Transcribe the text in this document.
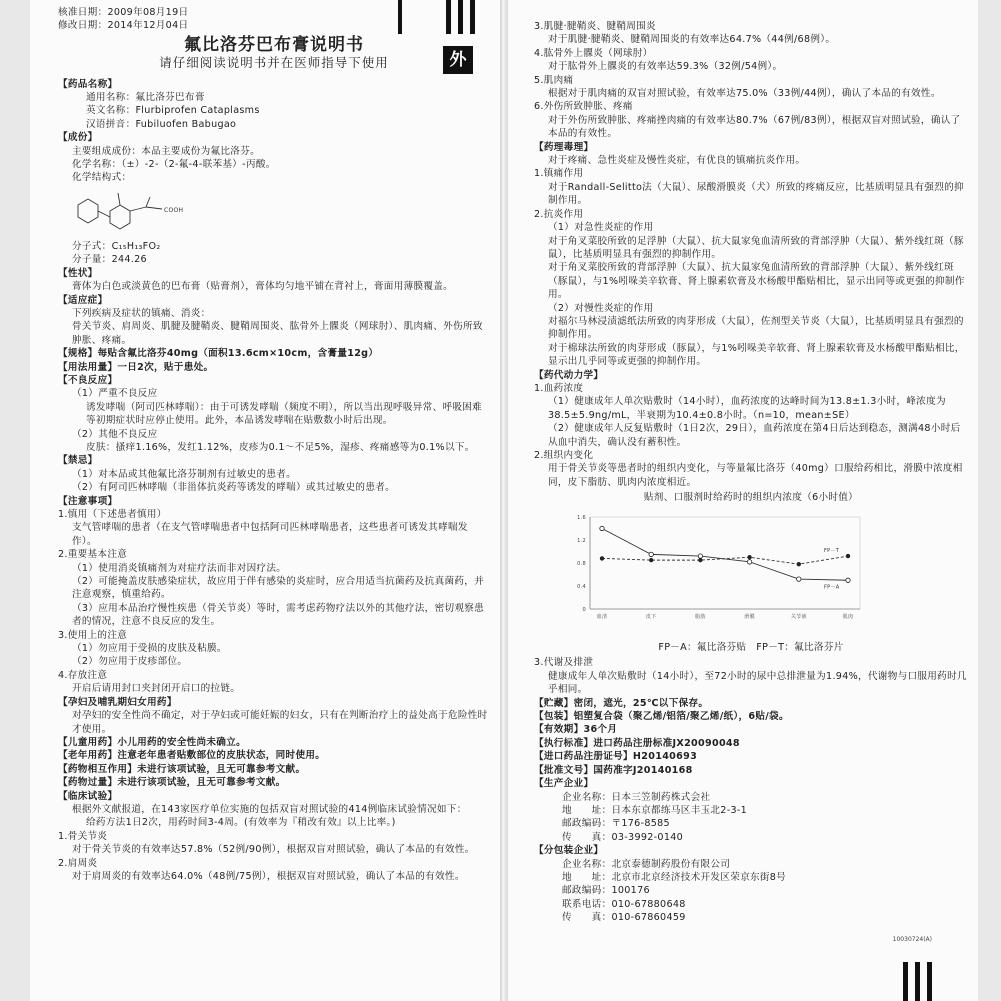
外
核准日期：2009年08月19日
修改日期：2014年12月04日
氟比洛芬巴布膏说明书
请仔细阅读说明书并在医师指导下使用
【药品名称】
通用名称：氟比洛芬巴布膏
英文名称：Flurbiprofen Cataplasms
汉语拼音：Fubiluofen Babugao
【成份】
主要组成成份：本品主要成份为氟比洛芬。
化学名称：（±）-2-（2-氟-4-联苯基）-丙酸。
化学结构式：
COOH
分子式：C₁₅H₁₃FO₂
分子量：244.26
【性状】
膏体为白色或淡黄色的巴布膏（贴膏剂），膏体均匀地平铺在背衬上，膏面用薄膜覆盖。
【适应症】
下列疾病及症状的镇痛、消炎：
骨关节炎、肩周炎、肌腱及腱鞘炎、腱鞘周围炎、肱骨外上髁炎（网球肘）、肌肉痛、外伤所致肿胀、疼痛。
【规格】每贴含氟比洛芬40mg（面积13.6cm×10cm，含膏量12g）
【用法用量】一日2次，贴于患处。
【不良反应】
（1）严重不良反应
诱发哮喘（阿司匹林哮喘）：由于可诱发哮喘（频度不明），所以当出现呼吸异常、呼吸困难等初期症状时应停止使用。此外，本品诱发哮喘在贴敷数小时后出现。
（2）其他不良反应
皮肤：搔痒1.16%，发红1.12%，皮疹为0.1～不足5%，湿疹、疼痛感等为0.1%以下。
【禁忌】
（1）对本品或其他氟比洛芬制剂有过敏史的患者。
（2）有阿司匹林哮喘（非甾体抗炎药等诱发的哮喘）或其过敏史的患者。
【注意事项】
1.慎用（下述患者慎用）
支气管哮喘的患者（在支气管哮喘患者中包括阿司匹林哮喘患者，这些患者可诱发其哮喘发作）。
2.重要基本注意
（1）使用消炎镇痛剂为对症疗法而非对因疗法。
（2）可能掩盖皮肤感染症状，故应用于伴有感染的炎症时，应合用适当抗菌药及抗真菌药，并注意观察，慎重给药。
（3）应用本品治疗慢性疾患（骨关节炎）等时，需考虑药物疗法以外的其他疗法，密切观察患者的情况，注意不良反应的发生。
3.使用上的注意
（1）勿应用于受损的皮肤及粘膜。
（2）勿应用于皮疹部位。
4.存放注意
开启后请用封口夹封闭开启口的拉链。
【孕妇及哺乳期妇女用药】
对孕妇的安全性尚不确定，对于孕妇或可能妊娠的妇女，只有在判断治疗上的益处高于危险性时才使用。
【儿童用药】小儿用药的安全性尚未确立。
【老年用药】注意老年患者贴敷部位的皮肤状态，同时使用。
【药物相互作用】未进行该项试验，且无可靠参考文献。
【药物过量】未进行该项试验，且无可靠参考文献。
【临床试验】
根据外文献报道，在143家医疗单位实施的包括双盲对照试验的414例临床试验情况如下：
给药方法1日2次，用药时间3-4周。(有效率为『稍改有效』以上比率。)
1.骨关节炎
对于骨关节炎的有效率达57.8%（52例/90例），根据双盲对照试验，确认了本品的有效性。
2.肩周炎
对于肩周炎的有效率达64.0%（48例/75例），根据双盲对照试验，确认了本品的有效性。
3.肌腱·腱鞘炎、腱鞘周围炎
对于肌腱·腱鞘炎、腱鞘周围炎的有效率达64.7%（44例/68例）。
4.肱骨外上髁炎（网球肘）
对于肱骨外上髁炎的有效率达59.3%（32例/54例）。
5.肌肉痛
根据对于肌肉痛的双盲对照试验，有效率达75.0%（33例/44例），确认了本品的有效性。
6.外伤所致肿胀、疼痛
对于外伤所致肿胀、疼痛挫肉痛的有效率达80.7%（67例/83例），根据双盲对照试验，确认了本品的有效性。
【药理毒理】
对于疼痛、急性炎症及慢性炎症，有优良的镇痛抗炎作用。
1.镇痛作用
对于Randall-Selitto法（大鼠）、尿酸滑膜炎（犬）所致的疼痛反应，比基质明显具有强烈的抑制作用。
2.抗炎作用
（1）对急性炎症的作用
对于角叉菜胶所致的足浮肿（大鼠）、抗大鼠家兔血清所致的背部浮肿（大鼠）、紫外线红斑（豚鼠），比基质明显具有强烈的抑制作用。
对于角叉菜胶所致的背部浮肿（大鼠）、抗大鼠家兔血清所致的背部浮肿（大鼠）、紫外线红斑（豚鼠），与1%吲哚美辛软膏、肾上腺素软膏及水杨酸甲酯贴相比，显示出同等或更强的抑制作用。
（2）对慢性炎症的作用
对福尔马林浸渍滤纸法所致的肉芽形成（大鼠），佐剂型关节炎（大鼠），比基质明显具有强烈的抑制作用。
对于棉球法所致的肉芽形成（豚鼠），与1%吲哚美辛软膏、肾上腺素软膏及水杨酸甲酯贴相比，显示出几乎同等或更强的抑制作用。
【药代动力学】
1.血药浓度
（1）健康成年人单次贴敷时（14小时），血药浓度的达峰时间为13.8±1.3小时，峰浓度为38.5±5.9ng/mL，半衰期为10.4±0.8小时。（n=10，mean±SE）
（2）健康成年人反复贴敷时（1日2次，29日），血药浓度在第4日后达到稳态，测满48小时后从血中消失，确认没有蓄积性。
2.组织内变化
用于骨关节炎等患者时的组织内变化，与等量氟比洛芬（40mg）口服给药相比，滑膜中浓度相同，皮下脂肪、肌肉内浓度相近。
贴剂、口服剂时给药时的组织内浓度（6小时值）
0
0.4
0.8
1.2
1.6
血清	皮下	脂肪	滑膜	关节液	肌肉
FP－A
FP－T
FP－A：氟比洛芬贴　FP－T：氟比洛芬片
3.代谢及排泄
健康成年人单次贴敷时（14小时），至72小时的尿中总排泄量为1.94%，代谢物与口服用药时几乎相同。
【贮藏】密闭，遮光，25℃以下保存。
【包装】铝塑复合袋（聚乙烯/铝箔/聚乙烯/纸），6贴/袋。
【有效期】36个月
【执行标准】进口药品注册标准JX20090048
【进口药品注册证号】H20140693
【批准文号】国药准字J20140168
【生产企业】
企业名称：日本三笠制药株式会社
地　　址：日本东京都练马区丰玉北2-3-1
邮政编码：〒176-8585
传　　真：03-3992-0140
【分包装企业】
企业名称：北京泰德制药股份有限公司
地　　址：北京市北京经济技术开发区荣京东街8号
邮政编码：100176
联系电话：010-67880648
传　　真：010-67860459
10030724(A)
